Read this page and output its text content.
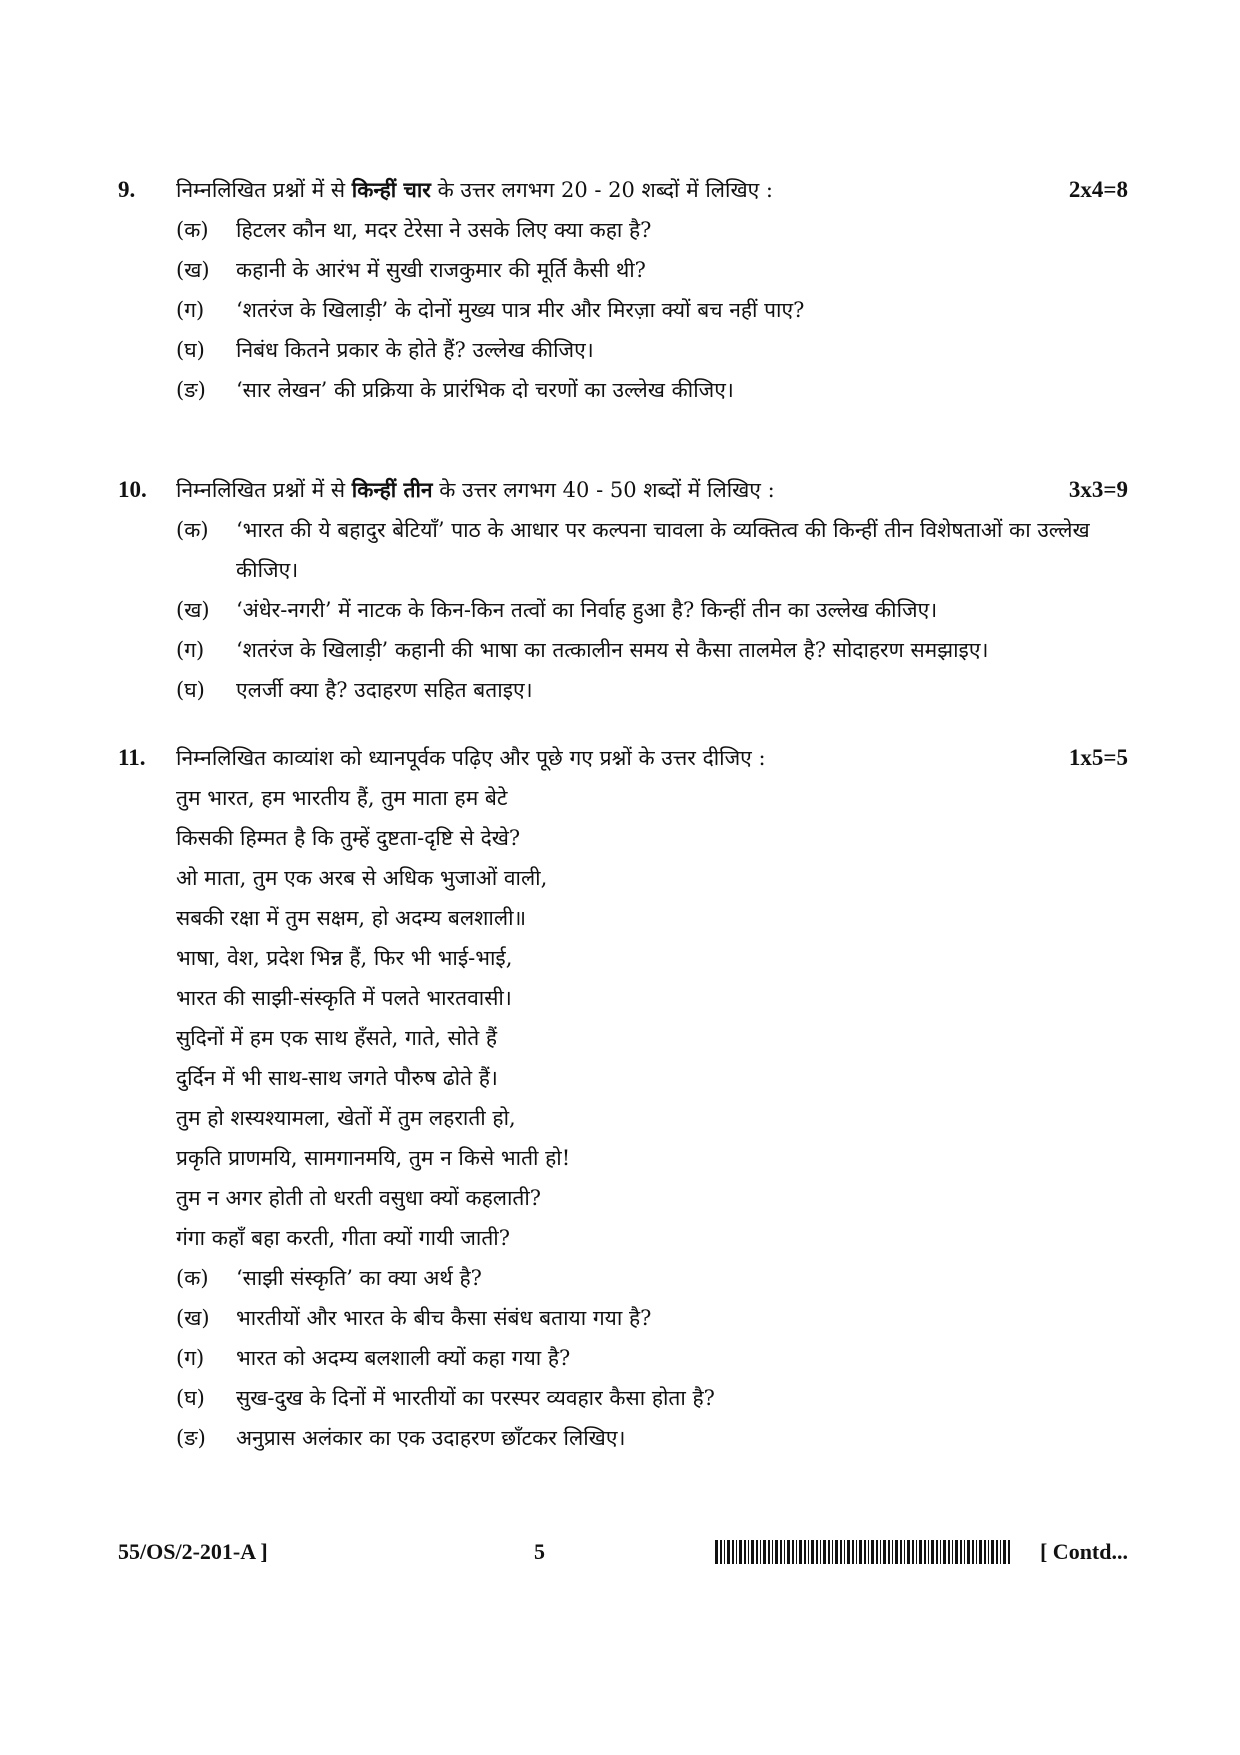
9. निम्नलिखित प्रश्नों में से किन्हीं चार के उत्तर लगभग 20 - 20 शब्दों में लिखिए :	2x4=8
(क) हिटलर कौन था, मदर टेरेसा ने उसके लिए क्या कहा है?
(ख) कहानी के आरंभ में सुखी राजकुमार की मूर्ति कैसी थी?
(ग) ‘शतरंज के खिलाड़ी’ के दोनों मुख्य पात्र मीर और मिरज़ा क्यों बच नहीं पाए?
(घ) निबंध कितने प्रकार के होते हैं? उल्लेख कीजिए।
(ङ) ‘सार लेखन’ की प्रक्रिया के प्रारंभिक दो चरणों का उल्लेख कीजिए।
10. निम्नलिखित प्रश्नों में से किन्हीं तीन के उत्तर लगभग 40 - 50 शब्दों में लिखिए :	3x3=9
(क) ‘भारत की ये बहादुर बेटियाँ’ पाठ के आधार पर कल्पना चावला के व्यक्तित्व की किन्हीं तीन विशेषताओं का उल्लेख कीजिए।
(ख) ‘अंधेर-नगरी’ में नाटक के किन-किन तत्वों का निर्वाह हुआ है? किन्हीं तीन का उल्लेख कीजिए।
(ग) ‘शतरंज के खिलाड़ी’ कहानी की भाषा का तत्कालीन समय से कैसा तालमेल है? सोदाहरण समझाइए।
(घ) एलर्जी क्या है? उदाहरण सहित बताइए।
11. निम्नलिखित काव्यांश को ध्यानपूर्वक पढ़िए और पूछे गए प्रश्नों के उत्तर दीजिए :	1x5=5
तुम भारत, हम भारतीय हैं, तुम माता हम बेटे
किसकी हिम्मत है कि तुम्हें दुष्टता-दृष्टि से देखे?
ओ माता, तुम एक अरब से अधिक भुजाओं वाली,
सबकी रक्षा में तुम सक्षम, हो अदम्य बलशाली॥
भाषा, वेश, प्रदेश भिन्न हैं, फिर भी भाई-भाई,
भारत की साझी-संस्कृति में पलते भारतवासी।
सुदिनों में हम एक साथ हँसते, गाते, सोते हैं
दुर्दिन में भी साथ-साथ जगते पौरुष ढोते हैं।
तुम हो शस्यश्यामला, खेतों में तुम लहराती हो,
प्रकृति प्राणमयि, सामगानमयि, तुम न किसे भाती हो!
तुम न अगर होती तो धरती वसुधा क्यों कहलाती?
गंगा कहाँ बहा करती, गीता क्यों गायी जाती?
(क) ‘साझी संस्कृति’ का क्या अर्थ है?
(ख) भारतीयों और भारत के बीच कैसा संबंध बताया गया है?
(ग) भारत को अदम्य बलशाली क्यों कहा गया है?
(घ) सुख-दुख के दिनों में भारतीयों का परस्पर व्यवहार कैसा होता है?
(ङ) अनुप्रास अलंकार का एक उदाहरण छाँटकर लिखिए।
55/OS/2-201-A ]	5	[ Contd...
